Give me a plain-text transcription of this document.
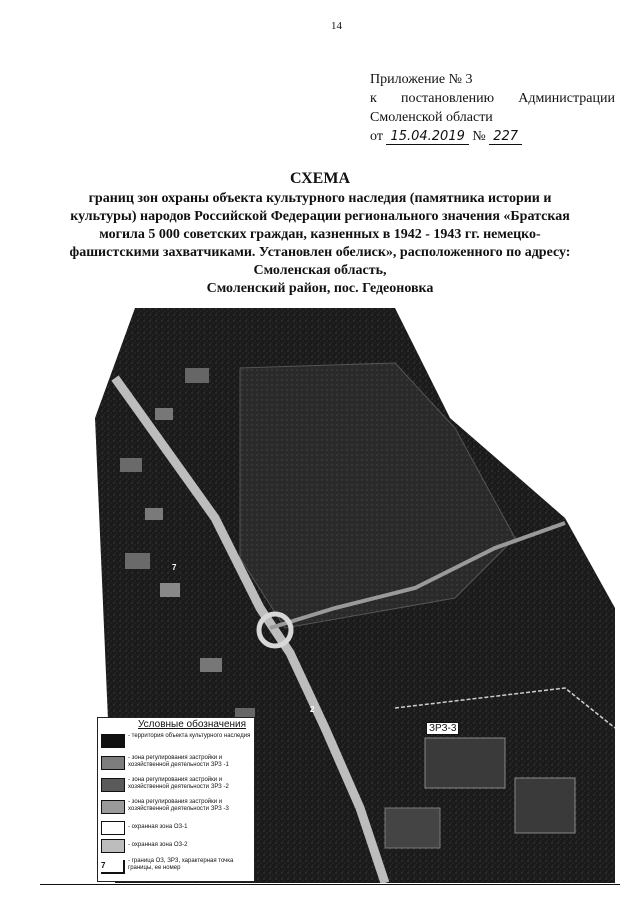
14
Приложение № 3
к постановлению Администрации
Смоленской области
от 15.04.2019 № 227
СХЕМА
границ зон охраны объекта культурного наследия (памятника истории и
культуры) народов Российской Федерации регионального значения «Братская
могила 5 000 советских граждан, казненных в 1942 - 1943 гг. немецко-
фашистскими захватчиками. Установлен обелиск», расположенного по адресу:
Смоленская область,
Смоленский район, пос. Гедеоновка
7
2
ЗРЗ-3
Условные обозначения
- территория объекта культурного наследия
- зона регулирования застройки и хозяйственной деятельности ЗРЗ -1
- зона регулирования застройки и хозяйственной деятельности ЗРЗ -2
- зона регулирования застройки и хозяйственной деятельности ЗРЗ -3
- охранная зона ОЗ-1
- охранная зона ОЗ-2
7	- граница ОЗ, ЗРЗ, характерная точка границы, ее номер
